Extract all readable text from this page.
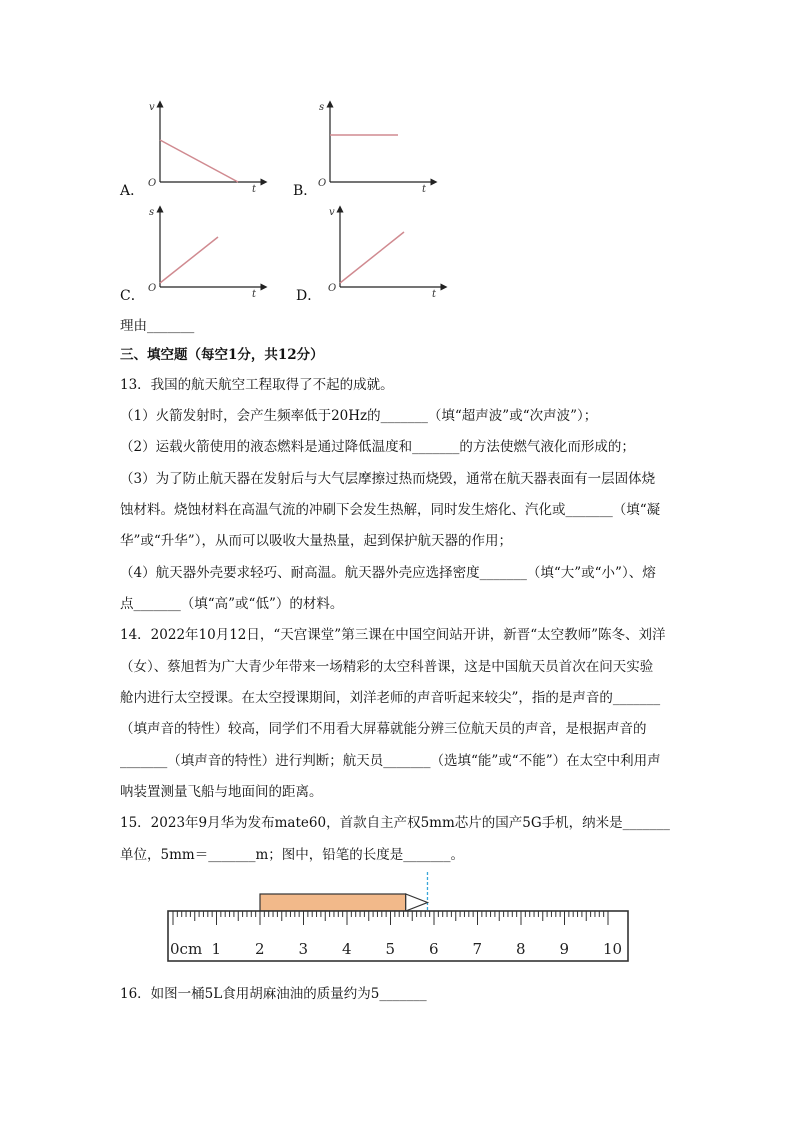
A．
v
O
t	B．
s
O
t
C．
s
O
t	D．
v
O
t
理由_______
三、填空题（每空1分，共12分）
13．我国的航天航空工程取得了不起的成就。
（1）火箭发射时，会产生频率低于20Hz的_______（填“超声波”或“次声波”）；
（2）运载火箭使用的液态燃料是通过降低温度和_______的方法使燃气液化而形成的；
（3）为了防止航天器在发射后与大气层摩擦过热而烧毁，通常在航天器表面有一层固体烧
蚀材料。烧蚀材料在高温气流的冲刷下会发生热解，同时发生熔化、汽化或_______（填“凝
华”或“升华”），从而可以吸收大量热量，起到保护航天器的作用；
（4）航天器外壳要求轻巧、耐高温。航天器外壳应选择密度_______（填“大”或“小”）、熔
点_______（填“高”或“低”）的材料。
14．2022年10月12日，“天宫课堂”第三课在中国空间站开讲，新晋“太空教师”陈冬、刘洋
（女）、蔡旭哲为广大青少年带来一场精彩的太空科普课，这是中国航天员首次在问天实验
舱内进行太空授课。在太空授课期间，刘洋老师的声音听起来较尖”，指的是声音的_______
（填声音的特性）较高，同学们不用看大屏幕就能分辨三位航天员的声音，是根据声音的
_______（填声音的特性）进行判断；航天员_______（选填“能”或“不能”）在太空中利用声
呐装置测量飞船与地面间的距离。
15．2023年9月华为发布mate60，首款自主产权5mm芯片的国产5G手机，纳米是_______
单位，5mm＝_______m；图中，铅笔的长度是_______。
0cm 1 2 3 4 5 6 7 8 9 10
16．如图一桶5L食用胡麻油油的质量约为5_______
